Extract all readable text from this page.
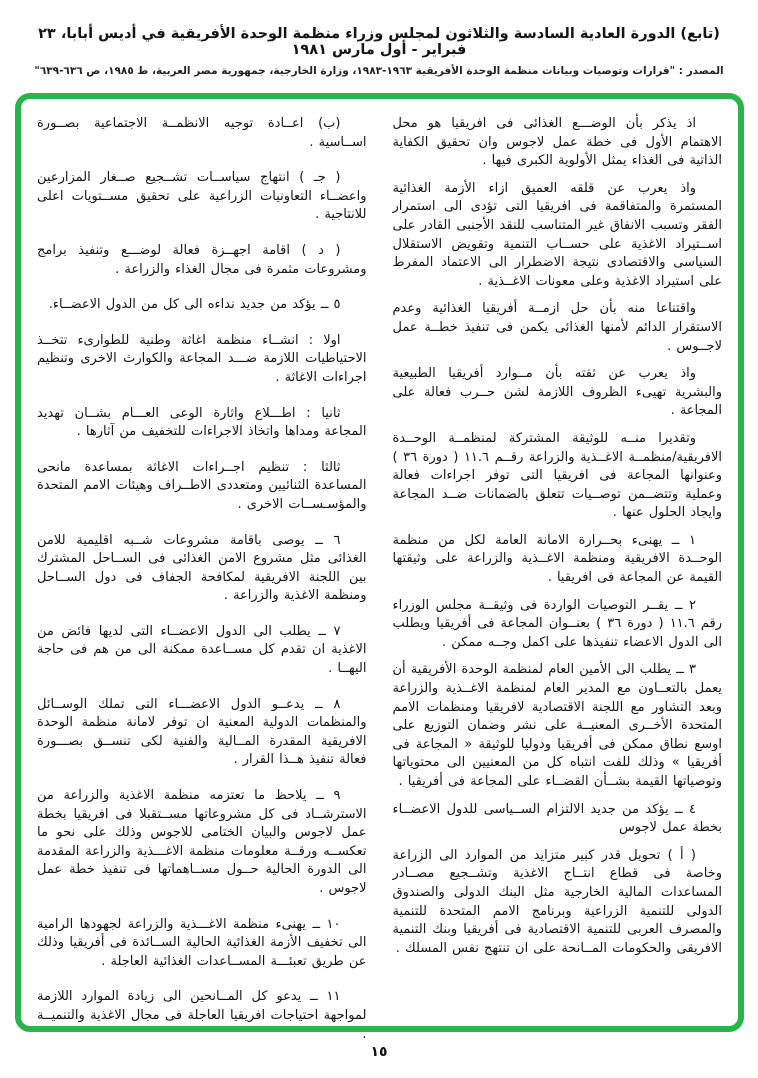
(تابع) الدورة العادية السادسة والثلاثون لمجلس وزراء منظمة الوحدة الأفريقية في أديس أبابا، ٢٣ فبراير - أول مارس ١٩٨١
المصدر : "قرارات وتوصيات وبيانات منظمة الوحدة الأفريقية ١٩٦٣-١٩٨٣، وزارة الخارجية، جمهورية مصر العربية، ط ١٩٨٥، ص ٦٣٦-٦٣٩"

اذ يذكر بأن الوضـــع الغذائى فى افريقيا هو محل الاهتمام الأول فى خطة عمل لاجوس وان تحقيق الكفاية الذاتية فى الغذاء يمثل الأولوية الكبرى فيها .

واذ يعرب عن قلقه العميق ازاء الأزمة الغذائية المستمرة والمتفاقمة فى افريقيا التى تؤدى الى استمرار الفقر وتسبب الانفاق غير المتناسب للنقد الأجنبى القادر على اســتيراد الاغذية على حســاب التنمية وتقويض الاستقلال السياسى والاقتصادى نتيجة الاضطرار الى الاعتماد المفرط على استيراد الاغذية وعلى معونات الاغــذية .

واقتناعا منه بأن حل ازمــة أفريقيا الغذائية وعدم الاستقرار الدائم لأمنها الغذائى يكمن فى تنفيذ خطــة عمل لاجــوس .

واذ يعرب عن ثقته بأن مــوارد أفريقيا الطبيعية والبشرية تهيىء الظروف اللازمة لشن حــرب فعالة على المجاعة .

وتقديرا منــه للوثيقة المشتركة لمنظمــة الوحــدة الافريقية/منظمــة الاغــذية والزراعة رقــم ١١.٦ ( دورة ٣٦ ) وعنوانها المجاعة فى افريقيا التى توفر اجراءات فعالة وعملية وتتضــمن توصــيات تتعلق بالضمانات ضــد المجاعة وايجاد الحلول عنها .

١ ــ يهنىء بحــرارة الامانة العامة لكل من منظمة الوحــدة الافريقية ومنظمة الاغــذية والزراعة على وثيقتها القيمة عن المجاعة فى افريقيا .

٢ ــ يقــر التوصيات الواردة فى وثيقــة مجلس الوزراء رقم ١١.٦ ( دورة ٣٦ ) بعنــوان المجاعة فى أفريقيا ويطلب الى الدول الاعضاء تنفيذها على اكمل وجــه ممكن .

٣ ــ يطلب الى الأمين العام لمنظمة الوحدة الأفريقية أن يعمل بالتعــاون مع المدير العام لمنظمة الاغــذية والزراعة وبعد التشاور مع اللجنة الاقتصادية لافريقيا ومنظمات الامم المتحدة الأخــرى المعنيــة على نشر وضمان التوزيع على اوسع نطاق ممكن فى أفريقيا ودوليا للوثيقة « المجاعة فى أفريقيا » وذلك للفت انتباه كل من المعنيين الى محتوياتها وتوصياتها القيمة بشــأن القضــاء على المجاعة فى أفريقيا .

٤ ــ يؤكد من جديد الالتزام الســياسى للدول الاعضــاء بخطة عمل لاجوس

( أ ) تحويل قدر كبير متزايد من الموارد الى الزراعة وخاصة فى قطاع انتــاج الاغذية وتشــجيع مصــادر المساعدات المالية الخارجية مثل البنك الدولى والصندوق الدولى للتنمية الزراعية وبرنامج الامم المتحدة للتنمية والمصرف العربى للتنمية الاقتصادية فى أفريقيا وبنك التنمية الافريقى والحكومات المــانحة على ان تنتهج نفس المسلك .

(ب) اعــادة توجيه الانظمــة الاجتماعية بصــورة اســاسية .

( جـ ) انتهاج سياســات تشــجيع صــغار المزارعين واعضــاء التعاونيات الزراعية على تحقيق مســتويات اعلى للانتاجية .

( د ) اقامة اجهــزة فعالة لوضـــع وتنفيذ برامج ومشروعات مثمرة فى مجال الغذاء والزراعة .

٥ ــ يؤكد من جديد نداءه الى كل من الدول الاعضــاء.

اولا : انشــاء منظمة اغاثة وطنية للطوارىء تتخــذ الاحتياطيات اللازمة ضـــد المجاعة والكوارث الاخرى وتنظيم اجراءات الاغاثة .

ثانيا : اطـــلاع واثارة الوعى العـــام بشــان تهديد المجاعة ومداها واتخاذ الاجراءات للتخفيف من آثارها .

ثالثا : تنظيم اجــراءات الاغاثة بمساعدة مانحى المساعدة الثنائيين ومتعددى الاطــراف وهيئات الامم المتحدة والمؤسـســات الاخرى .

٦ ــ يوصى باقامة مشروعات شــبه اقليمية للامن الغذائى مثل مشروع الامن الغذائى فى الســاحل المشترك بين اللجنة الافريقية لمكافحة الجفاف فى دول الســاحل ومنظمة الاغذية والزراعة .

٧ ــ يطلب الى الدول الاعضــاء التى لديها فائض من الاغذية ان تقدم كل مســاعدة ممكنة الى من هم فى حاجة اليهــا .

٨ ــ يدعــو الدول الاعضـــاء التى تملك الوســائل والمنظمات الدولية المعنية ان توفر لامانة منظمة الوحدة الافريقية المقدرة المــالية والفنية لكى تنســق بصـــورة فعالة تنفيذ هــذا القرار .

٩ ــ يلاحظ ما تعتزمه منظمة الاغذية والزراعة من الاسترشــاد فى كل مشروعاتها مســتقبلا فى افريقيا بخطة عمل لاجوس والبيان الختامى للاجوس وذلك على نحو ما تعكســه ورقــة معلومات منظمة الاغـــذية والزراعة المقدمة الى الدورة الحالية حــول مســاهماتها فى تنفيذ خطة عمل لاجوس .

١٠ ــ يهنىء منظمة الاغـــذية والزراعة لجهودها الرامية الى تخفيف الأزمة الغذائية الحالية الســائدة فى أفريقيا وذلك عن طريق تعبئـــة المســاعدات الغذائية العاجلة .

١١ ــ يدعو كل المــانحين الى زيادة الموارد اللازمة لمواجهة احتياجات افريقيا العاجلة فى مجال الاغذية والتنميــة .

١٥
